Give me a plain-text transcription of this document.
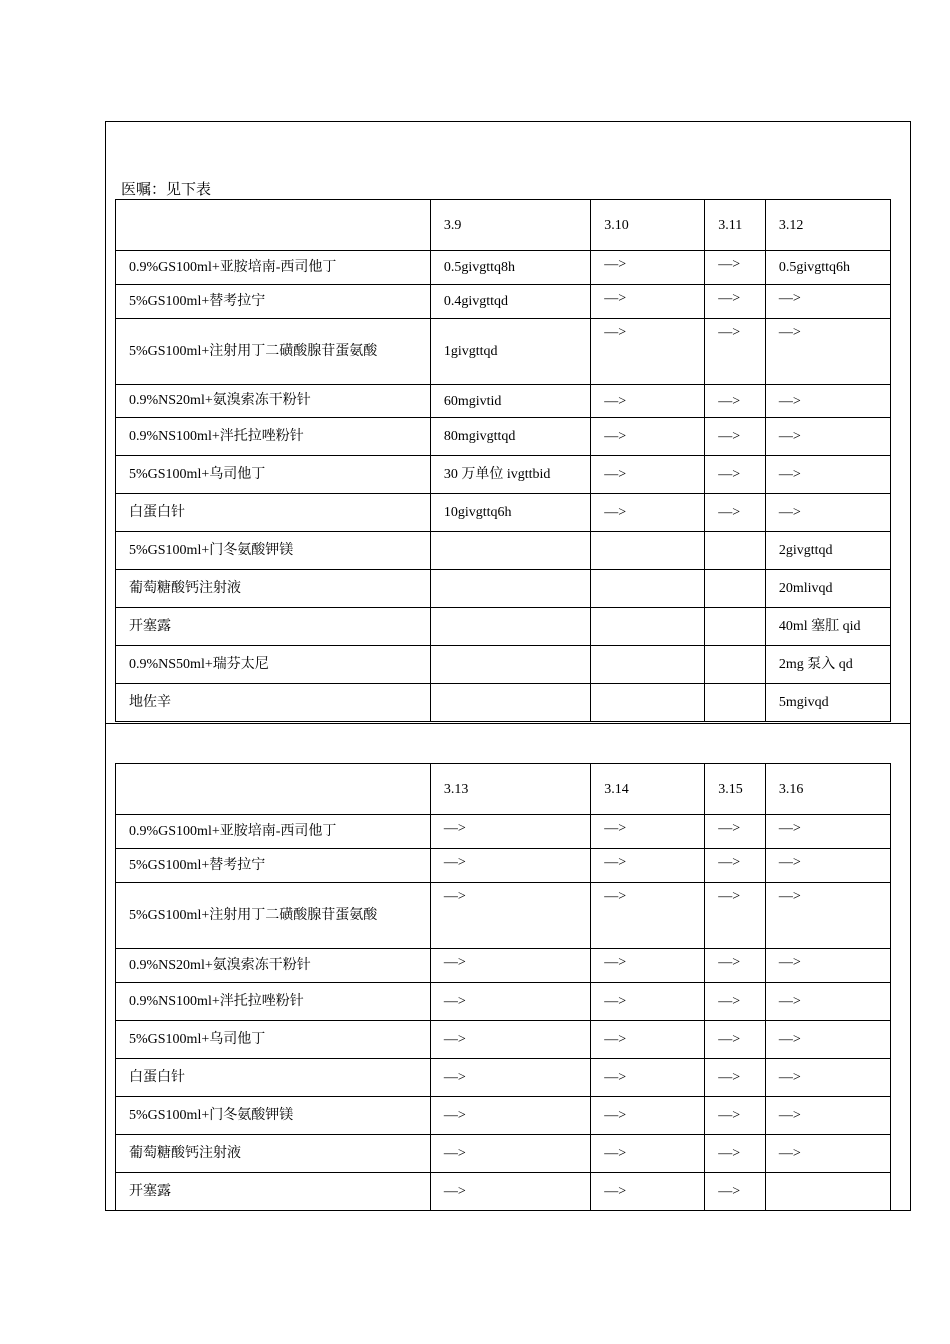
医嘱：见下表
	3.9	3.10	3.11	3.12
0.9%GS100ml+亚胺培南-西司他丁	0.5givgttq8h	—>	—>	0.5givgttq6h
5%GS100ml+替考拉宁	0.4givgttqd	—>	—>	—>
5%GS100ml+注射用丁二磺酸腺苷蛋氨酸	1givgttqd	—>	—>	—>
0.9%NS20ml+氨溴索冻干粉针	60mgivtid	—>	—>	—>
0.9%NS100ml+泮托拉唑粉针	80mgivgttqd	—>	—>	—>
5%GS100ml+乌司他丁	30 万单位 ivgttbid	—>	—>	—>
白蛋白针	10givgttq6h	—>	—>	—>
5%GS100ml+门冬氨酸钾镁				2givgttqd
葡萄糖酸钙注射液				20mlivqd
开塞露				40ml 塞肛 qid
0.9%NS50ml+瑞芬太尼				2mg 泵入 qd
地佐辛				5mgivqd
	3.13	3.14	3.15	3.16
0.9%GS100ml+亚胺培南-西司他丁	—>	—>	—>	—>
5%GS100ml+替考拉宁	—>	—>	—>	—>
5%GS100ml+注射用丁二磺酸腺苷蛋氨酸	—>	—>	—>	—>
0.9%NS20ml+氨溴索冻干粉针	—>	—>	—>	—>
0.9%NS100ml+泮托拉唑粉针	—>	—>	—>	—>
5%GS100ml+乌司他丁	—>	—>	—>	—>
白蛋白针	—>	—>	—>	—>
5%GS100ml+门冬氨酸钾镁	—>	—>	—>	—>
葡萄糖酸钙注射液	—>	—>	—>	—>
开塞露	—>	—>	—>	
